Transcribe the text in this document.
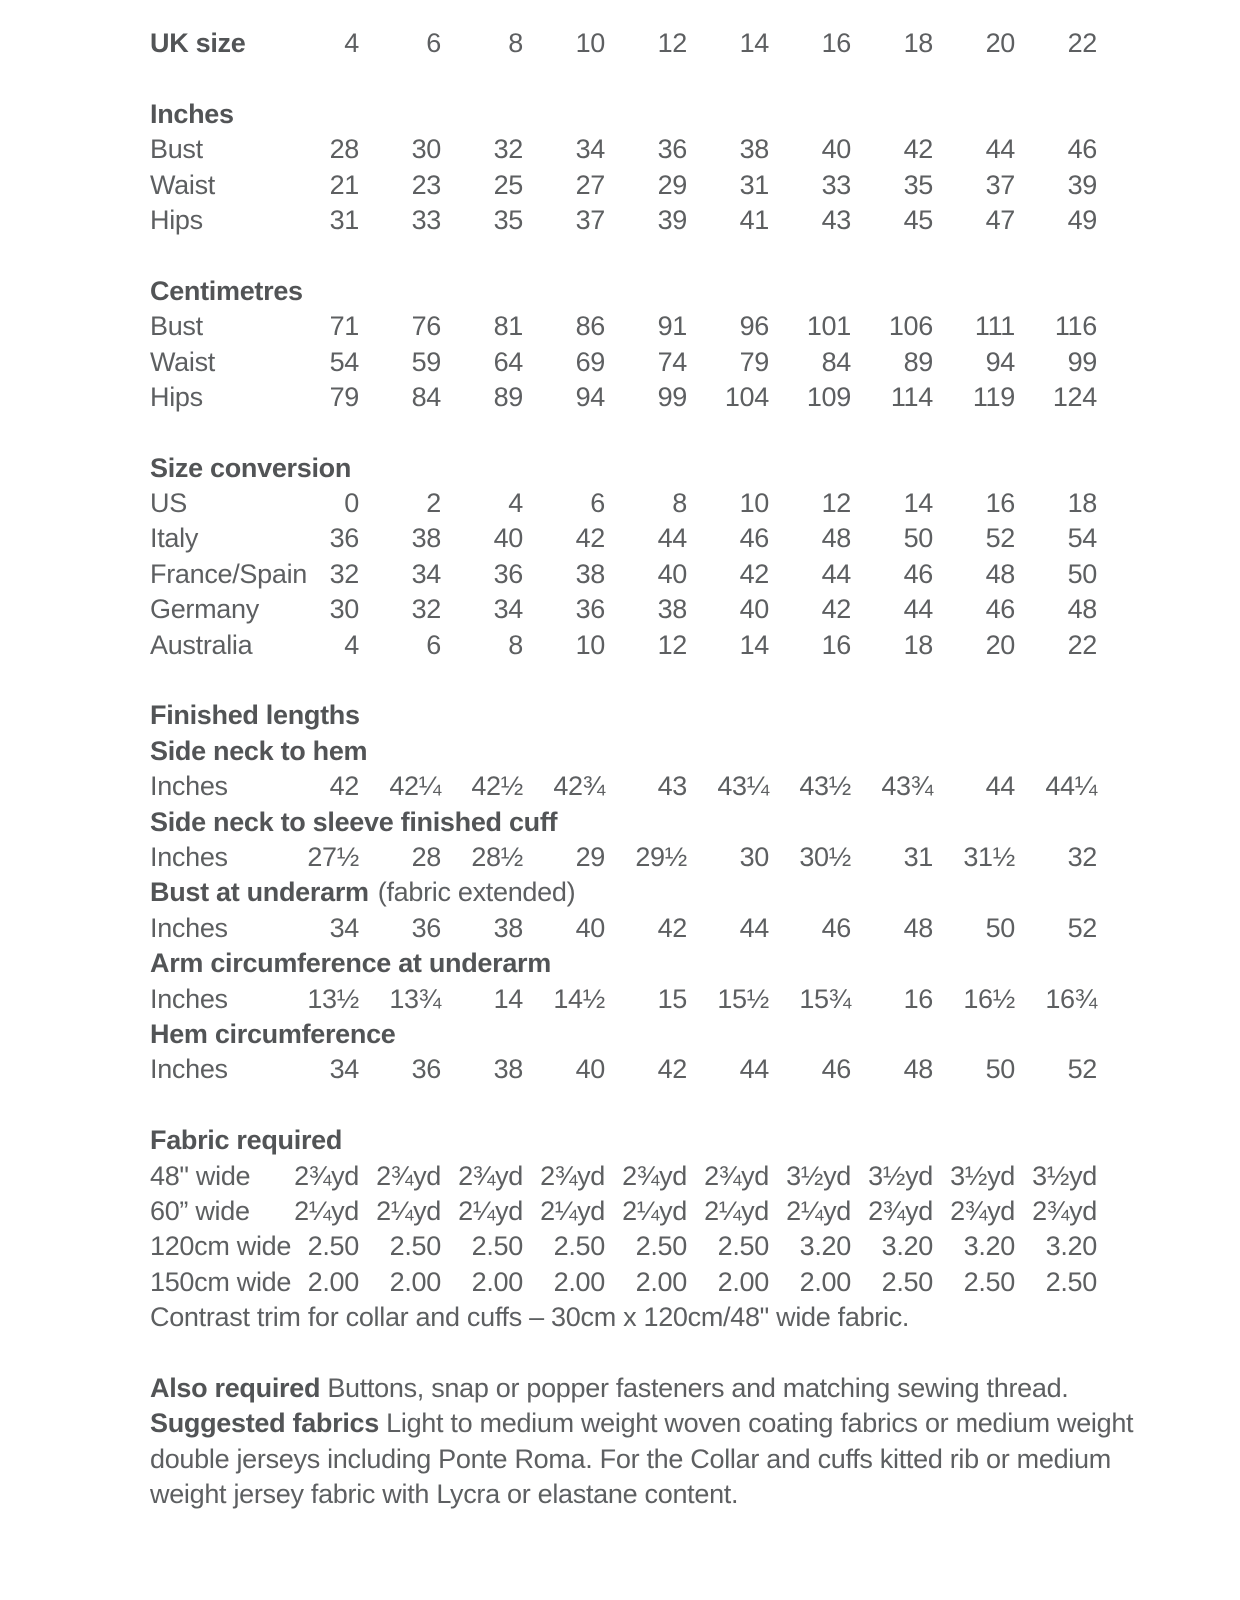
UK size	4	6	8	10	12	14	16	18	20	22
Inches
Bust	28	30	32	34	36	38	40	42	44	46
Waist	21	23	25	27	29	31	33	35	37	39
Hips	31	33	35	37	39	41	43	45	47	49
Centimetres
Bust	71	76	81	86	91	96	101	106	111	116
Waist	54	59	64	69	74	79	84	89	94	99
Hips	79	84	89	94	99	104	109	114	119	124
Size conversion
US	0	2	4	6	8	10	12	14	16	18
Italy	36	38	40	42	44	46	48	50	52	54
France/Spain 32	34	36	38	40	42	44	46	48	50
Germany	30	32	34	36	38	40	42	44	46	48
Australia	4	6	8	10	12	14	16	18	20	22
Finished lengths
Side neck to hem
Inches	42	42¼	42½	42¾	43	43¼	43½	43¾	44	44¼
Side neck to sleeve finished cuff
Inches	27½	28	28½	29	29½	30	30½	31	31½	32
Bust at underarm (fabric extended)
Inches	34	36	38	40	42	44	46	48	50	52
Arm circumference at underarm
Inches	13½	13¾	14	14½	15	15½	15¾	16	16½	16¾
Hem circumference
Inches	34	36	38	40	42	44	46	48	50	52
Fabric required
48" wide	2¾yd 2¾yd 2¾yd 2¾yd 2¾yd 2¾yd 3½yd 3½yd 3½yd 3½yd
60” wide	2¼yd 2¼yd 2¼yd 2¼yd 2¼yd 2¼yd 2¼yd 2¾yd 2¾yd 2¾yd
120cm wide 2.50	2.50	2.50	2.50	2.50	2.50	3.20	3.20	3.20	3.20
150cm wide 2.00	2.00	2.00	2.00	2.00	2.00	2.00	2.50	2.50	2.50
Contrast trim for collar and cuffs – 30cm x 120cm/48" wide fabric.

Also required Buttons, snap or popper fasteners and matching sewing thread.

Suggested fabrics Light to medium weight woven coating fabrics or medium weight double jerseys including Ponte Roma. For the Collar and cuffs kitted rib or medium weight jersey fabric with Lycra or elastane content.
